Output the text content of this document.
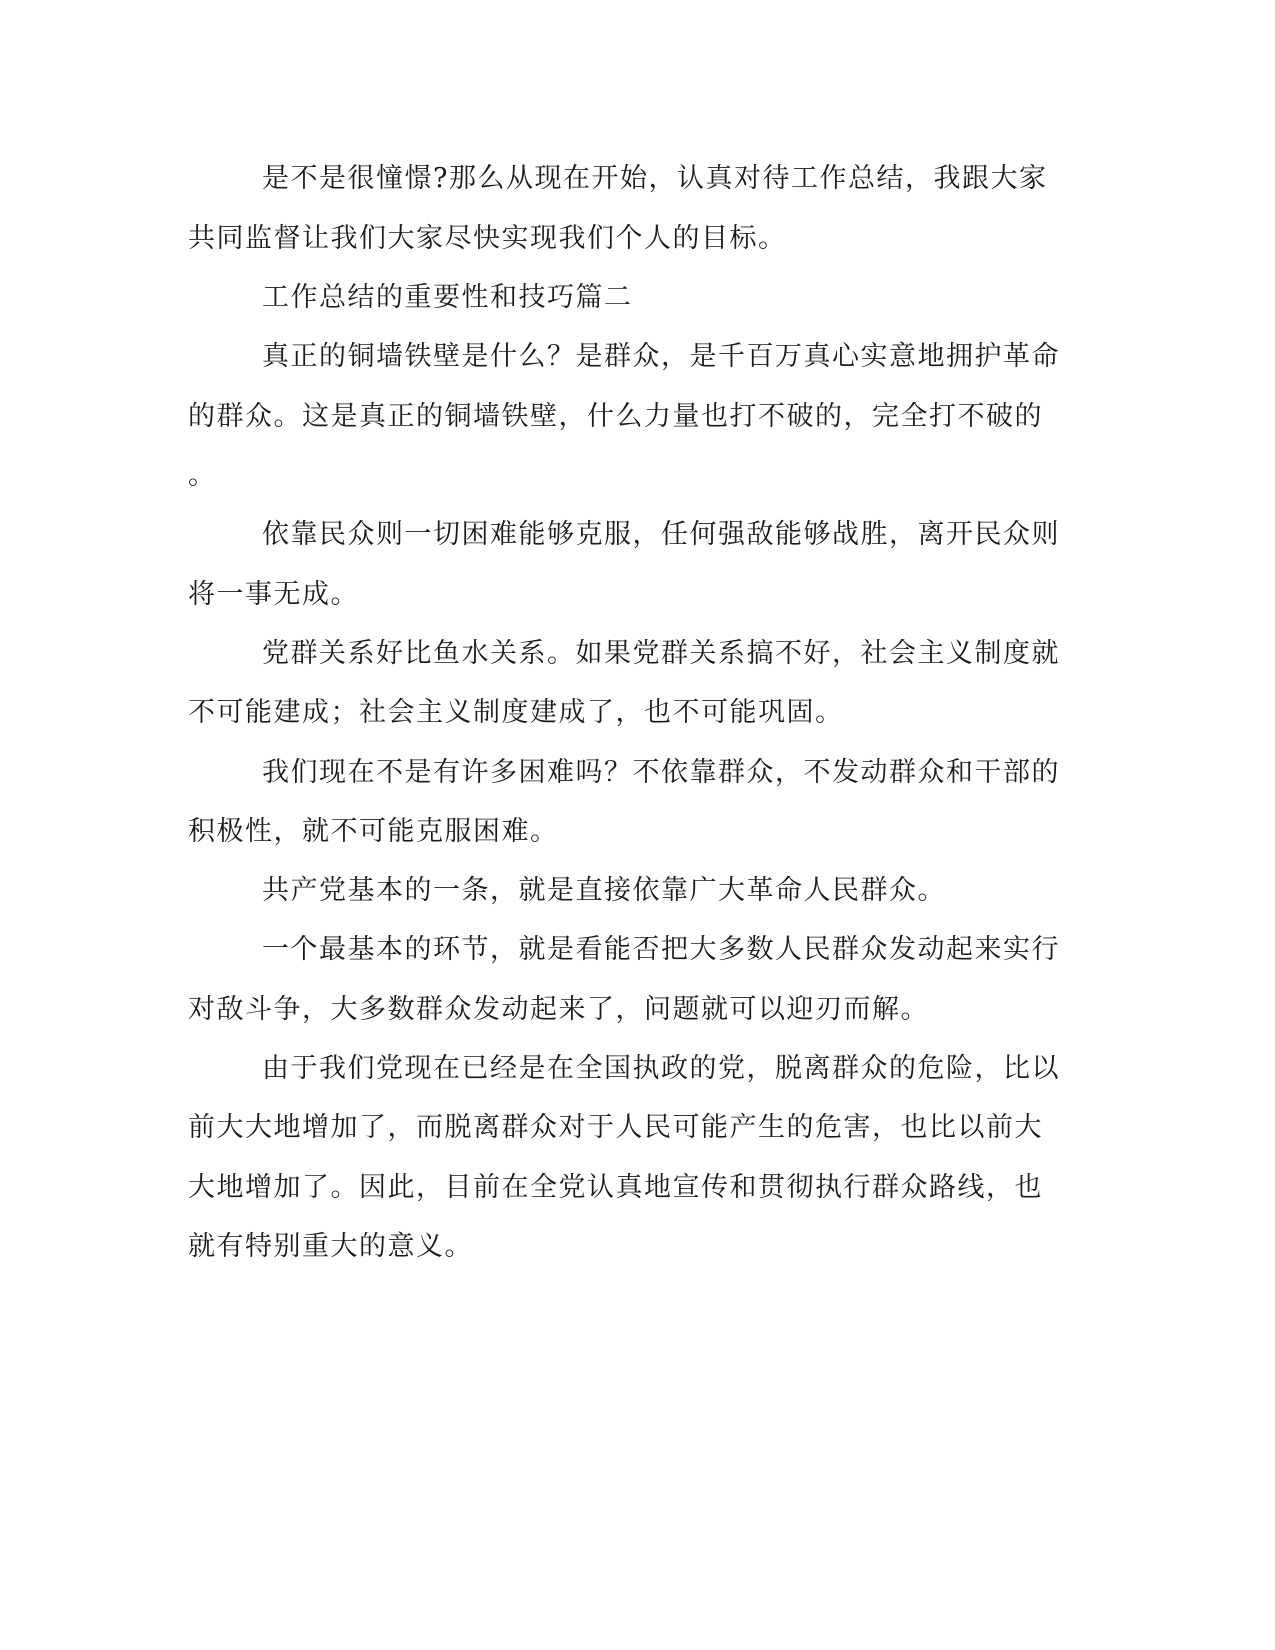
是不是很憧憬?那么从现在开始，认真对待工作总结，我跟大家

共同监督让我们大家尽快实现我们个人的目标。

工作总结的重要性和技巧篇二

真正的铜墙铁壁是什么？是群众，是千百万真心实意地拥护革命

的群众。这是真正的铜墙铁壁，什么力量也打不破的，完全打不破的

。

依靠民众则一切困难能够克服，任何强敌能够战胜，离开民众则

将一事无成。

党群关系好比鱼水关系。如果党群关系搞不好，社会主义制度就

不可能建成；社会主义制度建成了，也不可能巩固。

我们现在不是有许多困难吗？不依靠群众，不发动群众和干部的

积极性，就不可能克服困难。

共产党基本的一条，就是直接依靠广大革命人民群众。

一个最基本的环节，就是看能否把大多数人民群众发动起来实行

对敌斗争，大多数群众发动起来了，问题就可以迎刃而解。

由于我们党现在已经是在全国执政的党，脱离群众的危险，比以

前大大地增加了，而脱离群众对于人民可能产生的危害，也比以前大

大地增加了。因此，目前在全党认真地宣传和贯彻执行群众路线，也

就有特别重大的意义。
